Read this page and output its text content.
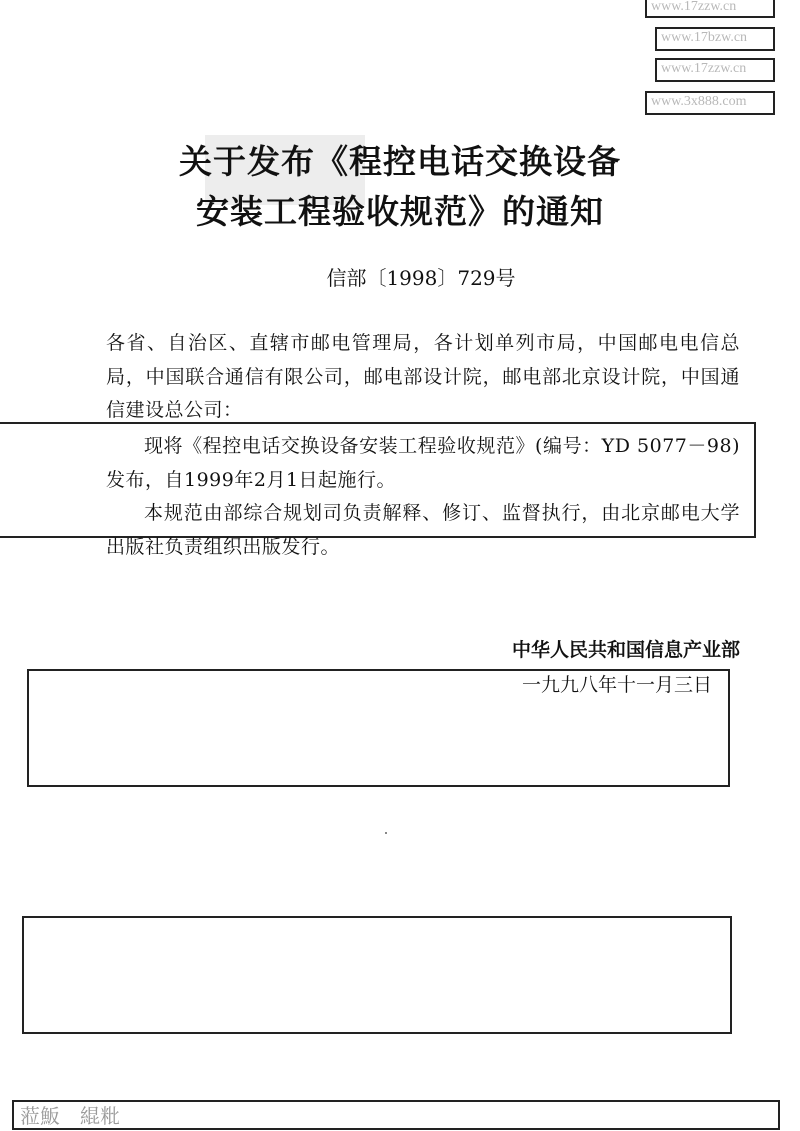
www.17zzw.cn
www.17bzw.cn
www.17zzw.cn
www.3x888.com
关于发布《程控电话交换设备
安装工程验收规范》的通知
信部〔1998〕729号
各省、自治区、直辖市邮电管理局，各计划单列市局，中国邮电电信总局，中国联合通信有限公司，邮电部设计院，邮电部北京设计院，中国通信建设总公司：
现将《程控电话交换设备安装工程验收规范》(编号：YD 5077－98)发布，自1999年2月1日起施行。
本规范由部综合规划司负责解释、修订、监督执行，由北京邮电大学出版社负责组织出版发行。
中华人民共和国信息产业部
一九九八年十一月三日
蒞魬　緄粃　
